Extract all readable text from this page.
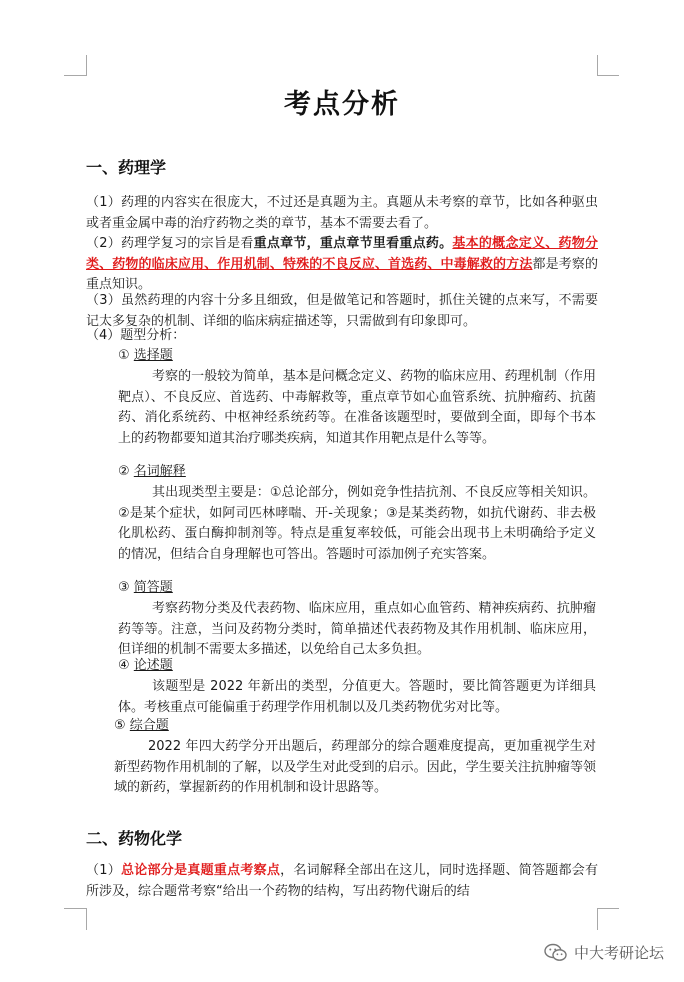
考点分析
一、药理学

（1）药理的内容实在很庞大，不过还是真题为主。真题从未考察的章节，比如各种驱虫或者重金属中毒的治疗药物之类的章节，基本不需要去看了。

（2）药理学复习的宗旨是看重点章节，重点章节里看重点药。基本的概念定义、药物分类、药物的临床应用、作用机制、特殊的不良反应、首选药、中毒解救的方法都是考察的重点知识。

（3）虽然药理的内容十分多且细致，但是做笔记和答题时，抓住关键的点来写，不需要记太多复杂的机制、详细的临床病症描述等，只需做到有印象即可。

（4）题型分析：
① 选择题

考察的一般较为简单，基本是问概念定义、药物的临床应用、药理机制（作用靶点）、不良反应、首选药、中毒解救等，重点章节如心血管系统、抗肿瘤药、抗菌药、消化系统药、中枢神经系统药等。在准备该题型时，要做到全面，即每个书本上的药物都要知道其治疗哪类疾病，知道其作用靶点是什么等等。

② 名词解释

其出现类型主要是：①总论部分，例如竞争性拮抗剂、不良反应等相关知识。②是某个症状，如阿司匹林哮喘、开-关现象；③是某类药物，如抗代谢药、非去极化肌松药、蛋白酶抑制剂等。特点是重复率较低，可能会出现书上未明确给予定义的情况，但结合自身理解也可答出。答题时可添加例子充实答案。

③ 简答题

考察药物分类及代表药物、临床应用，重点如心血管药、精神疾病药、抗肿瘤药等等。注意，当问及药物分类时，简单描述代表药物及其作用机制、临床应用，但详细的机制不需要太多描述，以免给自己太多负担。

④ 论述题

该题型是 2022 年新出的类型，分值更大。答题时，要比简答题更为详细具体。考核重点可能偏重于药理学作用机制以及几类药物优劣对比等。

⑤ 综合题

2022 年四大药学分开出题后，药理部分的综合题难度提高，更加重视学生对新型药物作用机制的了解，以及学生对此受到的启示。因此，学生要关注抗肿瘤等领域的新药，掌握新药的作用机制和设计思路等。

二、药物化学

（1）总论部分是真题重点考察点，名词解释全部出在这儿，同时选择题、简答题都会有所涉及，综合题常考察“给出一个药物的结构，写出药物代谢后的结

中大考研论坛
